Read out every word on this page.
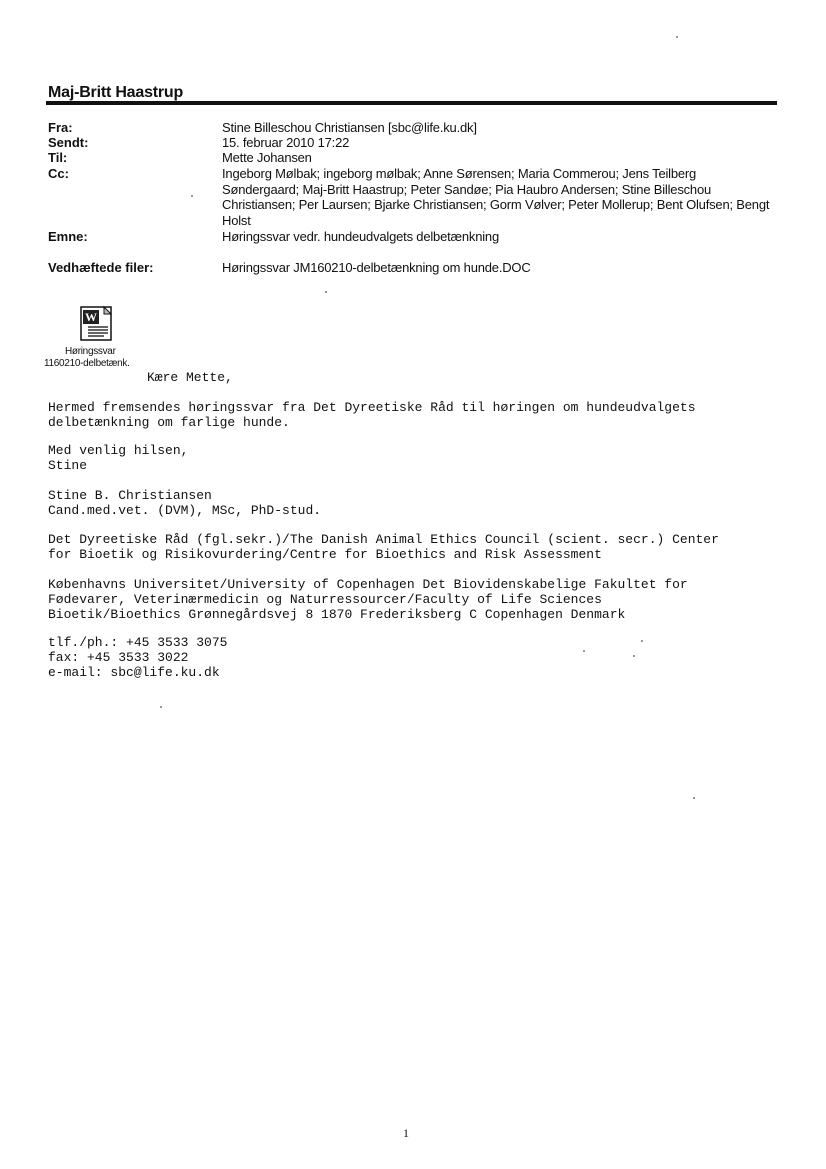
Maj-Britt Haastrup
Fra:	Stine Billeschou Christiansen [sbc@life.ku.dk]
Sendt:	15. februar 2010 17:22
Til:	Mette Johansen
Cc:	Ingeborg Mølbak; ingeborg mølbak; Anne Sørensen; Maria Commerou; Jens Teilberg Søndergaard; Maj-Britt Haastrup; Peter Sandøe; Pia Haubro Andersen; Stine Billeschou Christiansen; Per Laursen; Bjarke Christiansen; Gorm Vølver; Peter Mollerup; Bent Olufsen; Bengt Holst
Emne:	Høringssvar vedr. hundeudvalgets delbetænkning
Vedhæftede filer:	Høringssvar JM160210-delbetænkning om hunde.DOC
W
Høringssvar
1160210-delbetænk.
Kære Mette,
Hermed fremsendes høringssvar fra Det Dyreetiske Råd til høringen om hundeudvalgets
delbetænkning om farlige hunde.
Med venlig hilsen,
Stine
Stine B. Christiansen
Cand.med.vet. (DVM), MSc, PhD-stud.
Det Dyreetiske Råd (fgl.sekr.)/The Danish Animal Ethics Council (scient. secr.) Center
for Bioetik og Risikovurdering/Centre for Bioethics and Risk Assessment
Københavns Universitet/University of Copenhagen Det Biovidenskabelige Fakultet for
Fødevarer, Veterinærmedicin og Naturressourcer/Faculty of Life Sciences
Bioetik/Bioethics Grønnegårdsvej 8 1870 Frederiksberg C Copenhagen Denmark
tlf./ph.: +45 3533 3075
fax: +45 3533 3022
e-mail: sbc@life.ku.dk
1
